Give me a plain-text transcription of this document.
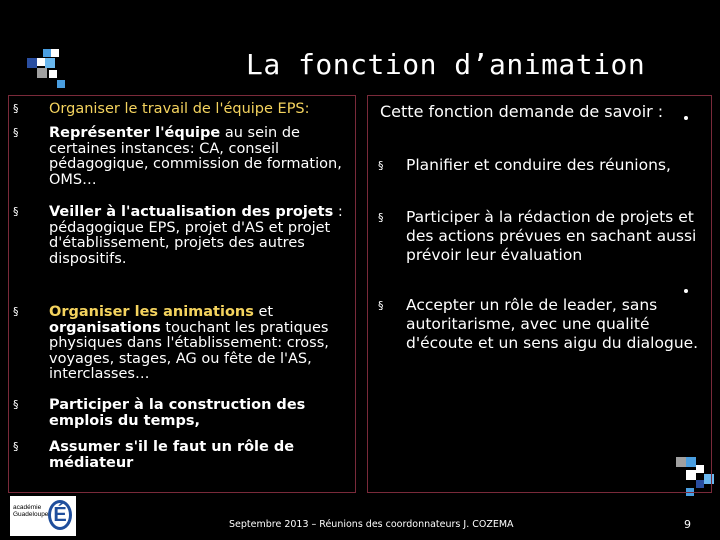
La fonction d’animation
§ Organiser le travail de l'équipe EPS:
§ Représenter l'équipe au sein de certaines instances: CA, conseil pédagogique, commission de formation, OMS…
§ Veiller à l'actualisation des projets : pédagogique EPS, projet d'AS et projet d'établissement, projets des autres dispositifs.
§ Organiser les animations et organisations touchant les pratiques physiques dans l'établissement: cross, voyages, stages, AG ou fête de l'AS, interclasses…
§ Participer à la construction des emplois du temps,
§ Assumer s'il le faut un rôle de médiateur
Cette fonction demande de savoir :
§ Planifier et conduire des réunions,
§ Participer à la rédaction de projets et des actions prévues en sachant aussi prévoir leur évaluation
§ Accepter un rôle de leader, sans autoritarisme, avec une qualité d'écoute et un sens aigu du dialogue.
académie Guadeloupe É	Septembre 2013 – Réunions des coordonnateurs J. COZEMA	9
